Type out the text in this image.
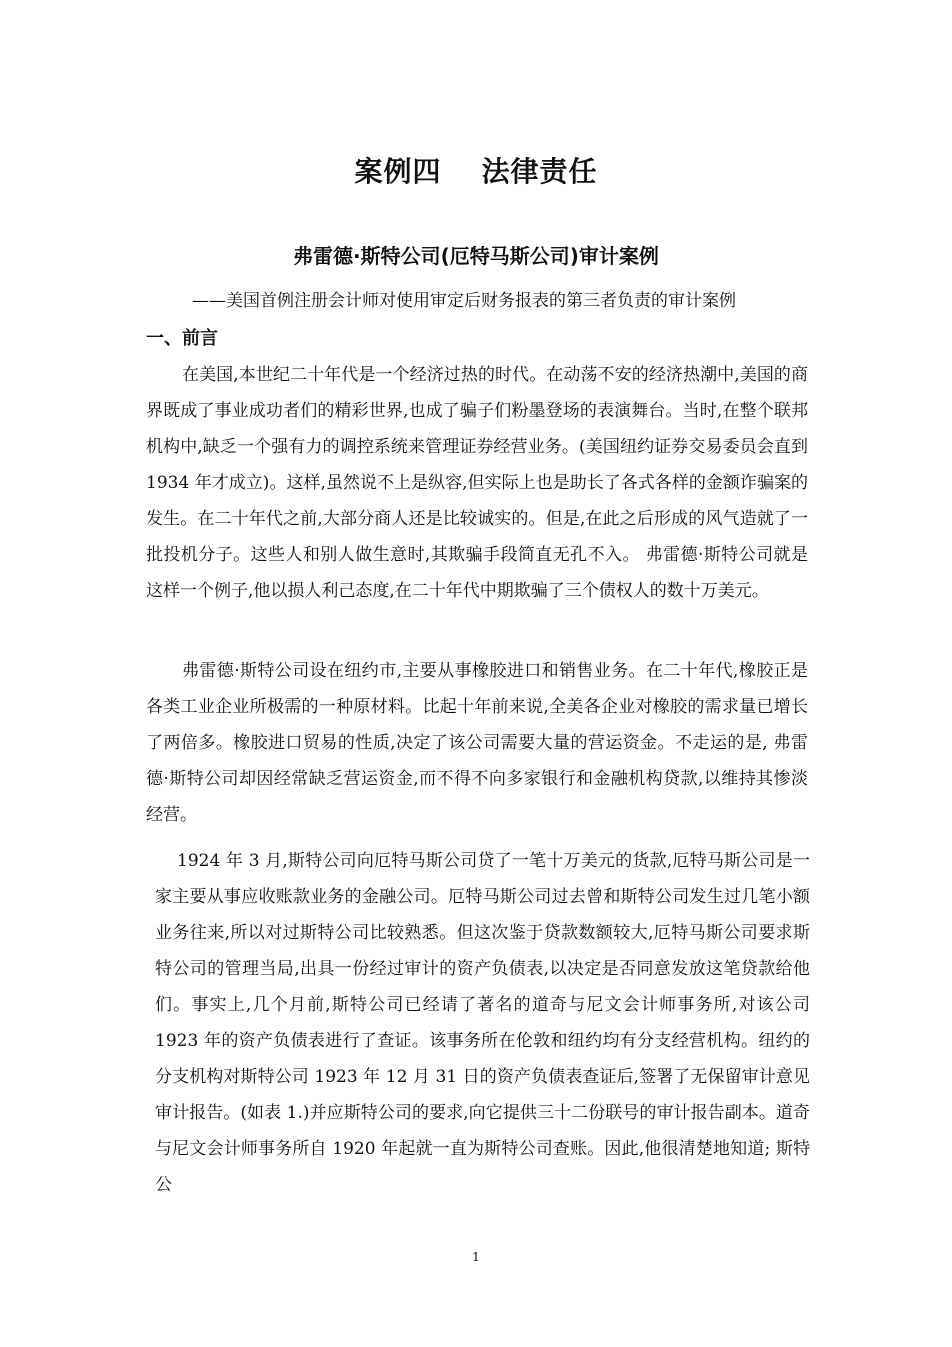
案例四 法律责任
弗雷德·斯特公司(厄特马斯公司)审计案例

——美国首例注册会计师对使用审定后财务报表的第三者负责的审计案例

一、前言

在美国,本世纪二十年代是一个经济过热的时代。在动荡不安的经济热潮中,美国的商界既成了事业成功者们的精彩世界,也成了骗子们粉墨登场的表演舞台。当时,在整个联邦机构中,缺乏一个强有力的调控系统来管理证券经营业务。(美国纽约证券交易委员会直到 1934 年才成立)。这样,虽然说不上是纵容,但实际上也是助长了各式各样的金额诈骗案的发生。在二十年代之前,大部分商人还是比较诚实的。但是,在此之后形成的风气造就了一批投机分子。这些人和别人做生意时,其欺骗手段简直无孔不入。 弗雷德·斯特公司就是这样一个例子,他以损人利己态度,在二十年代中期欺骗了三个债权人的数十万美元。

弗雷德·斯特公司设在纽约市,主要从事橡胶进口和销售业务。在二十年代,橡胶正是各类工业企业所极需的一种原材料。比起十年前来说,全美各企业对橡胶的需求量已增长了两倍多。橡胶进口贸易的性质,决定了该公司需要大量的营运资金。不走运的是, 弗雷德·斯特公司却因经常缺乏营运资金,而不得不向多家银行和金融机构贷款,以维持其惨淡经营。

1924 年 3 月,斯特公司向厄特马斯公司贷了一笔十万美元的货款,厄特马斯公司是一家主要从事应收账款业务的金融公司。厄特马斯公司过去曾和斯特公司发生过几笔小额业务往来,所以对过斯特公司比较熟悉。但这次鉴于贷款数额较大,厄特马斯公司要求斯特公司的管理当局,出具一份经过审计的资产负债表,以决定是否同意发放这笔贷款给他们。事实上,几个月前,斯特公司已经请了著名的道奇与尼文会计师事务所,对该公司 1923 年的资产负债表进行了查证。该事务所在伦敦和纽约均有分支经营机构。纽约的分支机构对斯特公司 1923 年 12 月 31 日的资产负债表查证后,签署了无保留审计意见审计报告。(如表 1.)并应斯特公司的要求,向它提供三十二份联号的审计报告副本。道奇与尼文会计师事务所自 1920 年起就一直为斯特公司查账。因此,他很清楚地知道; 斯特公

1
